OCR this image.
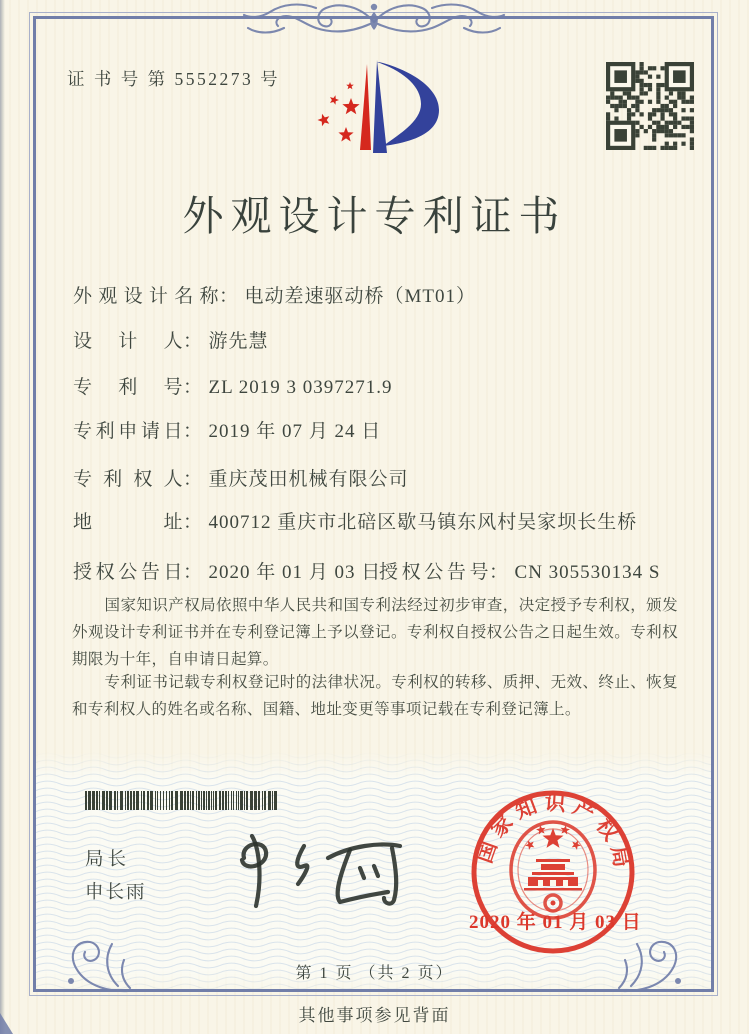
证 书 号 第 5552273 号
外观设计专利证书
外观设计名称： 电动差速驱动桥（MT01）
设计人： 游先慧
专利号： ZL 2019 3 0397271.9
专利申请日： 2019 年 07 月 24 日
专利权人： 重庆茂田机械有限公司
地址： 400712 重庆市北碚区歇马镇东风村吴家坝长生桥
授权公告日： 2020 年 01 月 03 日
授权公告号： CN 305530134 S
国家知识产权局依照中华人民共和国专利法经过初步审查，决定授予专利权，颁发外观设计专利证书并在专利登记簿上予以登记。专利权自授权公告之日起生效。专利权期限为十年，自申请日起算。
专利证书记载专利权登记时的法律状况。专利权的转移、质押、无效、终止、恢复和专利权人的姓名或名称、国籍、地址变更等事项记载在专利登记簿上。
局长
申长雨
国家知识产权局
2020 年 01 月 03 日
第 1 页 （共 2 页）
其他事项参见背面
